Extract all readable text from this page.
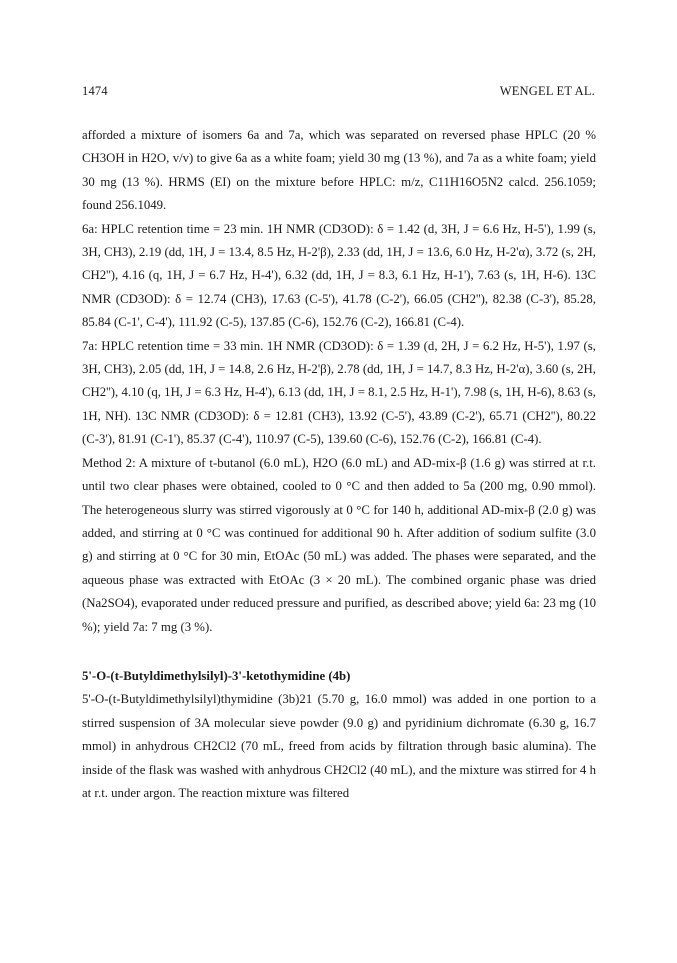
1474	WENGEL ET AL.

afforded a mixture of isomers 6a and 7a, which was separated on reversed phase HPLC (20 % CH3OH in H2O, v/v) to give 6a as a white foam; yield 30 mg (13 %), and 7a as a white foam; yield 30 mg (13 %). HRMS (EI) on the mixture before HPLC: m/z, C11H16O5N2 calcd. 256.1059; found 256.1049.

6a: HPLC retention time = 23 min. 1H NMR (CD3OD): δ = 1.42 (d, 3H, J = 6.6 Hz, H-5'), 1.99 (s, 3H, CH3), 2.19 (dd, 1H, J = 13.4, 8.5 Hz, H-2'β), 2.33 (dd, 1H, J = 13.6, 6.0 Hz, H-2'α), 3.72 (s, 2H, CH2''), 4.16 (q, 1H, J = 6.7 Hz, H-4'), 6.32 (dd, 1H, J = 8.3, 6.1 Hz, H-1'), 7.63 (s, 1H, H-6). 13C NMR (CD3OD): δ = 12.74 (CH3), 17.63 (C-5'), 41.78 (C-2'), 66.05 (CH2''), 82.38 (C-3'), 85.28, 85.84 (C-1', C-4'), 111.92 (C-5), 137.85 (C-6), 152.76 (C-2), 166.81 (C-4).

7a: HPLC retention time = 33 min. 1H NMR (CD3OD): δ = 1.39 (d, 2H, J = 6.2 Hz, H-5'), 1.97 (s, 3H, CH3), 2.05 (dd, 1H, J = 14.8, 2.6 Hz, H-2'β), 2.78 (dd, 1H, J = 14.7, 8.3 Hz, H-2'α), 3.60 (s, 2H, CH2''), 4.10 (q, 1H, J = 6.3 Hz, H-4'), 6.13 (dd, 1H, J = 8.1, 2.5 Hz, H-1'), 7.98 (s, 1H, H-6), 8.63 (s, 1H, NH). 13C NMR (CD3OD): δ = 12.81 (CH3), 13.92 (C-5'), 43.89 (C-2'), 65.71 (CH2''), 80.22 (C-3'), 81.91 (C-1'), 85.37 (C-4'), 110.97 (C-5), 139.60 (C-6), 152.76 (C-2), 166.81 (C-4).

Method 2: A mixture of t-butanol (6.0 mL), H2O (6.0 mL) and AD-mix-β (1.6 g) was stirred at r.t. until two clear phases were obtained, cooled to 0 °C and then added to 5a (200 mg, 0.90 mmol). The heterogeneous slurry was stirred vigorously at 0 °C for 140 h, additional AD-mix-β (2.0 g) was added, and stirring at 0 °C was continued for additional 90 h. After addition of sodium sulfite (3.0 g) and stirring at 0 °C for 30 min, EtOAc (50 mL) was added. The phases were separated, and the aqueous phase was extracted with EtOAc (3 × 20 mL). The combined organic phase was dried (Na2SO4), evaporated under reduced pressure and purified, as described above; yield 6a: 23 mg (10 %); yield 7a: 7 mg (3 %).

5'-O-(t-Butyldimethylsilyl)-3'-ketothymidine (4b)

5'-O-(t-Butyldimethylsilyl)thymidine (3b)21 (5.70 g, 16.0 mmol) was added in one portion to a stirred suspension of 3A molecular sieve powder (9.0 g) and pyridinium dichromate (6.30 g, 16.7 mmol) in anhydrous CH2Cl2 (70 mL, freed from acids by filtration through basic alumina). The inside of the flask was washed with anhydrous CH2Cl2 (40 mL), and the mixture was stirred for 4 h at r.t. under argon. The reaction mixture was filtered
